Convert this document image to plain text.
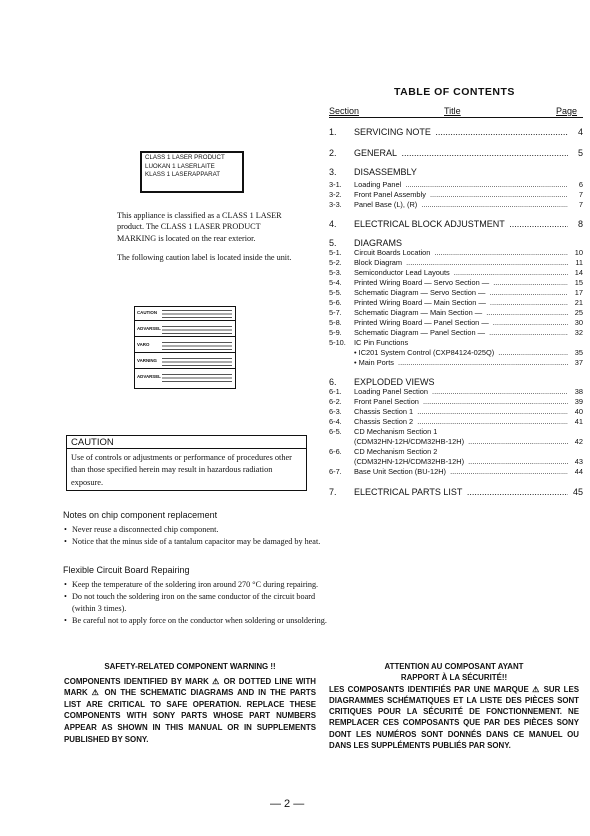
CLASS 1 LASER PRODUCT
LUOKAN 1 LASERLAITE
KLASS 1 LASERAPPARAT

This appliance is classified as a CLASS 1 LASER product. The CLASS 1 LASER PRODUCT MARKING is located on the rear exterior.

The following caution label is located inside the unit.

CAUTION
ADVARSEL
VARO
VARNING
ADVARSEL
CAUTION
Use of controls or adjustments or performance of procedures other than those specified herein may result in hazardous radiation exposure.
Notes on chip component replacement
• Never reuse a disconnected chip component.
• Notice that the minus side of a tantalum capacitor may be damaged by heat.
Flexible Circuit Board Repairing
• Keep the temperature of the soldering iron around 270 °C during repairing.
• Do not touch the soldering iron on the same conductor of the circuit board (within 3 times).
• Be careful not to apply force on the conductor when soldering or unsoldering.
SAFETY-RELATED COMPONENT WARNING !!

COMPONENTS IDENTIFIED BY MARK ⚠ OR DOTTED LINE WITH MARK ⚠ ON THE SCHEMATIC DIAGRAMS AND IN THE PARTS LIST ARE CRITICAL TO SAFE OPERATION. REPLACE THESE COMPONENTS WITH SONY PARTS WHOSE PART NUMBERS APPEAR AS SHOWN IN THIS MANUAL OR IN SUPPLEMENTS PUBLISHED BY SONY.

ATTENTION AU COMPOSANT AYANT RAPPORT À LA SÉCURITÉ!!

LES COMPOSANTS IDENTIFIÉS PAR UNE MARQUE ⚠ SUR LES DIAGRAMMES SCHÉMATIQUES ET LA LISTE DES PIÈCES SONT CRITIQUES POUR LA SÉCURITÉ DE FONCTIONNEMENT. NE REMPLACER CES COMPOSANTS QUE PAR DES PIÈCES SONY DONT LES NUMÉROS SONT DONNÉS DANS CE MANUEL OU DANS LES SUPPLÉMENTS PUBLIÉS PAR SONY.

TABLE OF CONTENTS
Section	Title	Page
1. SERVICING NOTE .....	4
2. GENERAL .....	5
3. DISASSEMBLY
3-1. Loading Panel .....	6
3-2. Front Panel Assembly .....	7
3-3. Panel Base (L), (R) .....	7
4. ELECTRICAL BLOCK ADJUSTMENT .....	8
5. DIAGRAMS
5-1. Circuit Boards Location .....	10
5-2. Block Diagram .....	11
5-3. Semiconductor Lead Layouts .....	14
5-4. Printed Wiring Board — Servo Section — .....	15
5-5. Schematic Diagram — Servo Section — .....	17
5-6. Printed Wiring Board — Main Section — .....	21
5-7. Schematic Diagram — Main Section — .....	25
5-8. Printed Wiring Board — Panel Section — .....	30
5-9. Schematic Diagram — Panel Section — .....	32
5-10. IC Pin Functions
• IC201 System Control (CXP84124-025Q) .....	35
• Main Ports .....	37
6. EXPLODED VIEWS
6-1. Loading Panel Section .....	38
6-2. Front Panel Section .....	39
6-3. Chassis Section 1 .....	40
6-4. Chassis Section 2 .....	41
6-5. CD Mechanism Section 1
(CDM32HN-12H/CDM32HB-12H) .....	42
6-6. CD Mechanism Section 2
(CDM32HN-12H/CDM32HB-12H) .....	43
6-7. Base Unit Section (BU-12H) .....	44
7. ELECTRICAL PARTS LIST .....	45
— 2 —
